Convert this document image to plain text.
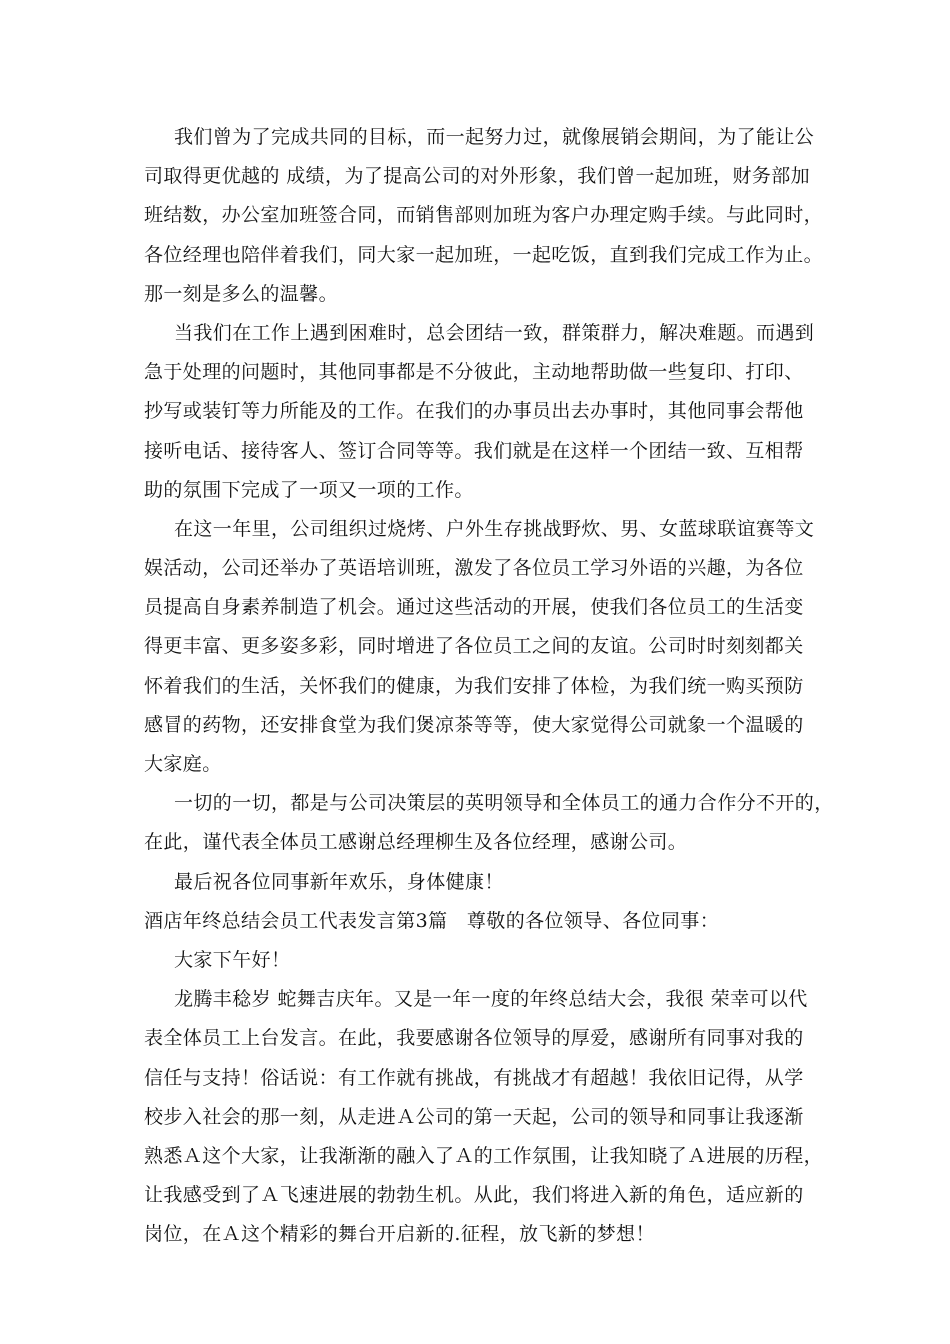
我们曾为了完成共同的目标，而一起努力过，就像展销会期间，为了能让公
司取得更优越的 成绩，为了提高公司的对外形象，我们曾一起加班，财务部加
班结数，办公室加班签合同，而销售部则加班为客户办理定购手续。与此同时，
各位经理也陪伴着我们，同大家一起加班，一起吃饭，直到我们完成工作为止。
那一刻是多么的温馨。
当我们在工作上遇到困难时，总会团结一致，群策群力，解决难题。而遇到
急于处理的问题时，其他同事都是不分彼此，主动地帮助做一些复印、打印、
抄写或装钉等力所能及的工作。在我们的办事员出去办事时，其他同事会帮他
接听电话、接待客人、签订合同等等。我们就是在这样一个团结一致、互相帮
助的氛围下完成了一项又一项的工作。
在这一年里，公司组织过烧烤、户外生存挑战野炊、男、女蓝球联谊赛等文
娱活动，公司还举办了英语培训班，激发了各位员工学习外语的兴趣，为各位
员提高自身素养制造了机会。通过这些活动的开展，使我们各位员工的生活变
得更丰富、更多姿多彩，同时增进了各位员工之间的友谊。公司时时刻刻都关
怀着我们的生活，关怀我们的健康，为我们安排了体检，为我们统一购买预防
感冒的药物，还安排食堂为我们煲凉茶等等，使大家觉得公司就象一个温暖的
大家庭。
一切的一切，都是与公司决策层的英明领导和全体员工的通力合作分不开的，
在此，谨代表全体员工感谢总经理柳生及各位经理，感谢公司。
最后祝各位同事新年欢乐，身体健康！
酒店年终总结会员工代表发言第3篇　尊敬的各位领导、各位同事：
大家下午好！
龙腾丰稔岁 蛇舞吉庆年。又是一年一度的年终总结大会，我很 荣幸可以代
表全体员工上台发言。在此，我要感谢各位领导的厚爱，感谢所有同事对我的
信任与支持！俗话说：有工作就有挑战，有挑战才有超越！我依旧记得，从学
校步入社会的那一刻，从走进Ａ公司的第一天起，公司的领导和同事让我逐渐
熟悉Ａ这个大家，让我渐渐的融入了Ａ的工作氛围，让我知晓了Ａ进展的历程，
让我感受到了Ａ飞速进展的勃勃生机。从此，我们将进入新的角色，适应新的
岗位，在Ａ这个精彩的舞台开启新的.征程，放飞新的梦想！
